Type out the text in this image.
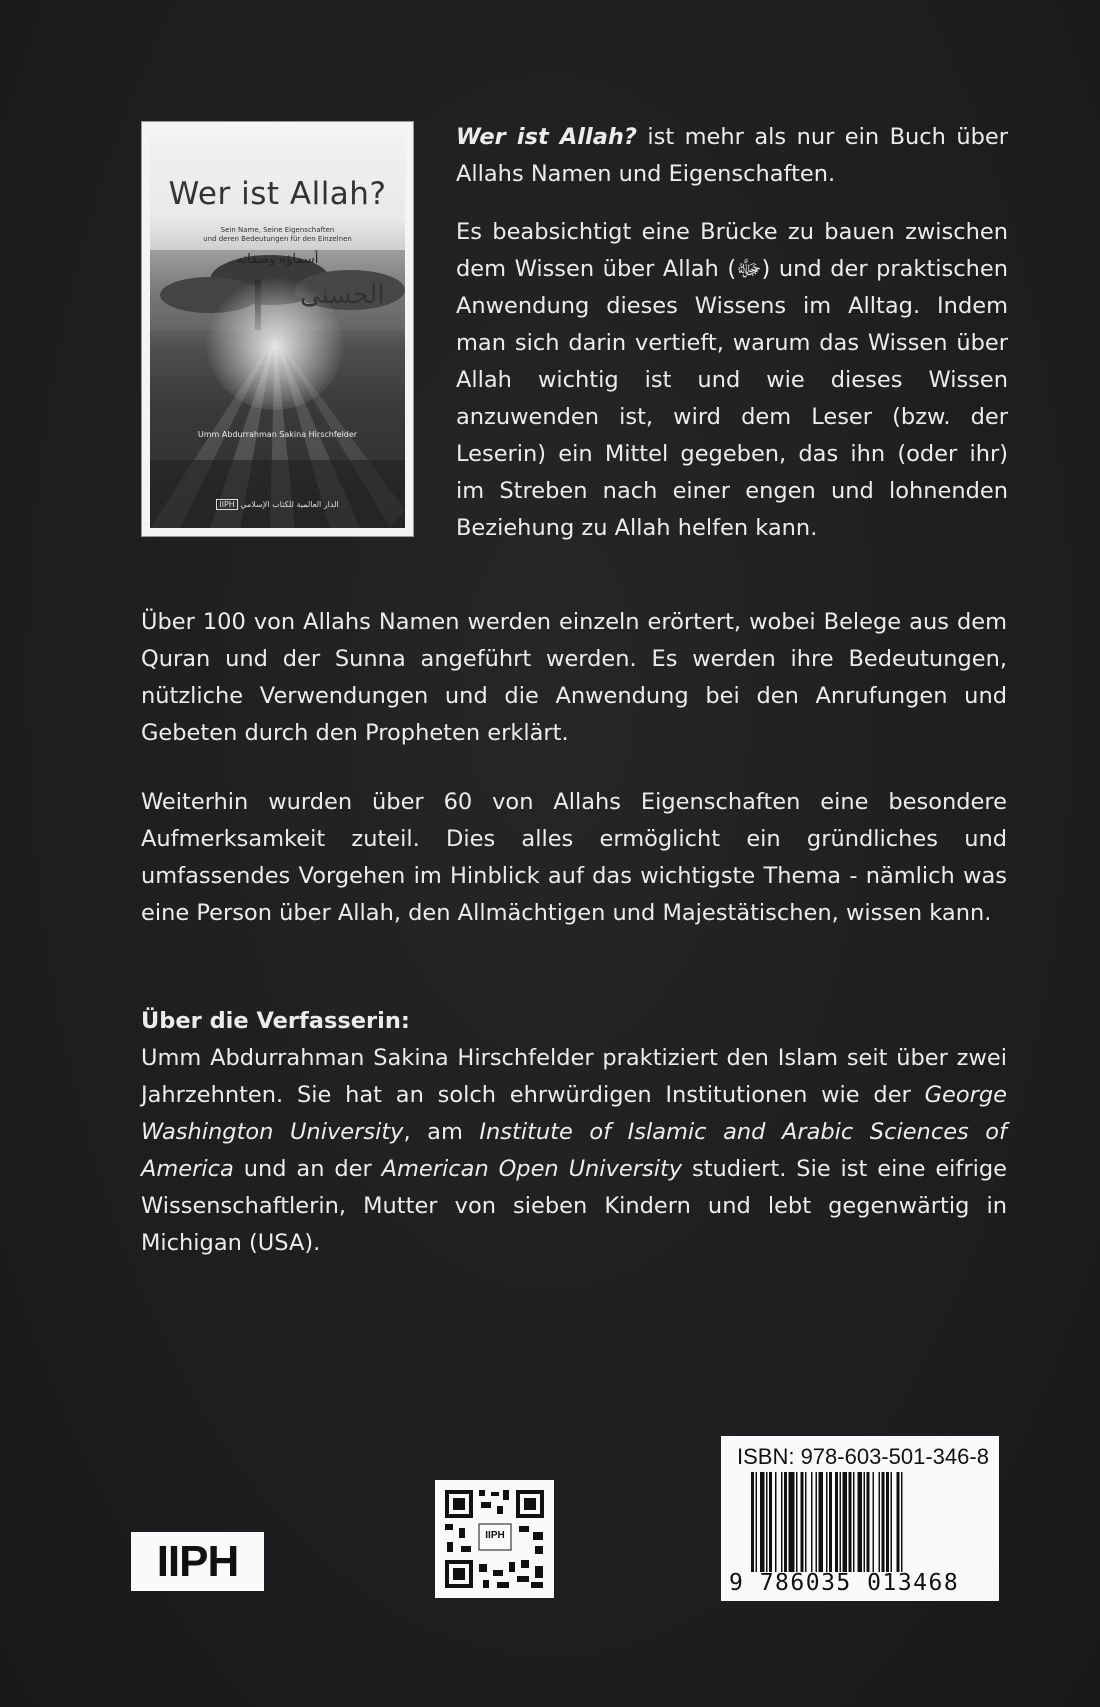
Wer ist Allah?
Sein Name, Seine Eigenschaften
und deren Bedeutungen für den Einzelnen
أسماؤه وصفاته
الحسنى
Umm Abdurrahman Sakina Hirschfelder
IIPH الدار العالمية للكتاب الإسلامي

Wer ist Allah? ist mehr als nur ein Buch über Allahs Namen und Eigenschaften.

Es beabsichtigt eine Brücke zu bauen zwischen dem Wissen über Allah (ﷻ) und der praktischen Anwendung dieses Wissens im Alltag. Indem man sich darin vertieft, warum das Wissen über Allah wichtig ist und wie dieses Wissen anzuwenden ist, wird dem Leser (bzw. der Leserin) ein Mittel gegeben, das ihn (oder ihr) im Streben nach einer engen und lohnenden Beziehung zu Allah helfen kann.

Über 100 von Allahs Namen werden einzeln erörtert, wobei Belege aus dem Quran und der Sunna angeführt werden. Es werden ihre Bedeutungen, nützliche Verwendungen und die Anwendung bei den Anrufungen und Gebeten durch den Propheten erklärt.

Weiterhin wurden über 60 von Allahs Eigenschaften eine besondere Aufmerksamkeit zuteil. Dies alles ermöglicht ein gründliches und umfassendes Vorgehen im Hinblick auf das wichtigste Thema - nämlich was eine Person über Allah, den Allmächtigen und Majestätischen, wissen kann.

Über die Verfasserin:

Umm Abdurrahman Sakina Hirschfelder praktiziert den Islam seit über zwei Jahrzehnten. Sie hat an solch ehrwürdigen Institutionen wie der George Washington University, am Institute of Islamic and Arabic Sciences of America und an der American Open University studiert. Sie ist eine eifrige Wissenschaftlerin, Mutter von sieben Kindern und lebt gegenwärtig in Michigan (USA).

IIPH
IIPH
ISBN: 978-603-501-346-8
9 786035 013468
